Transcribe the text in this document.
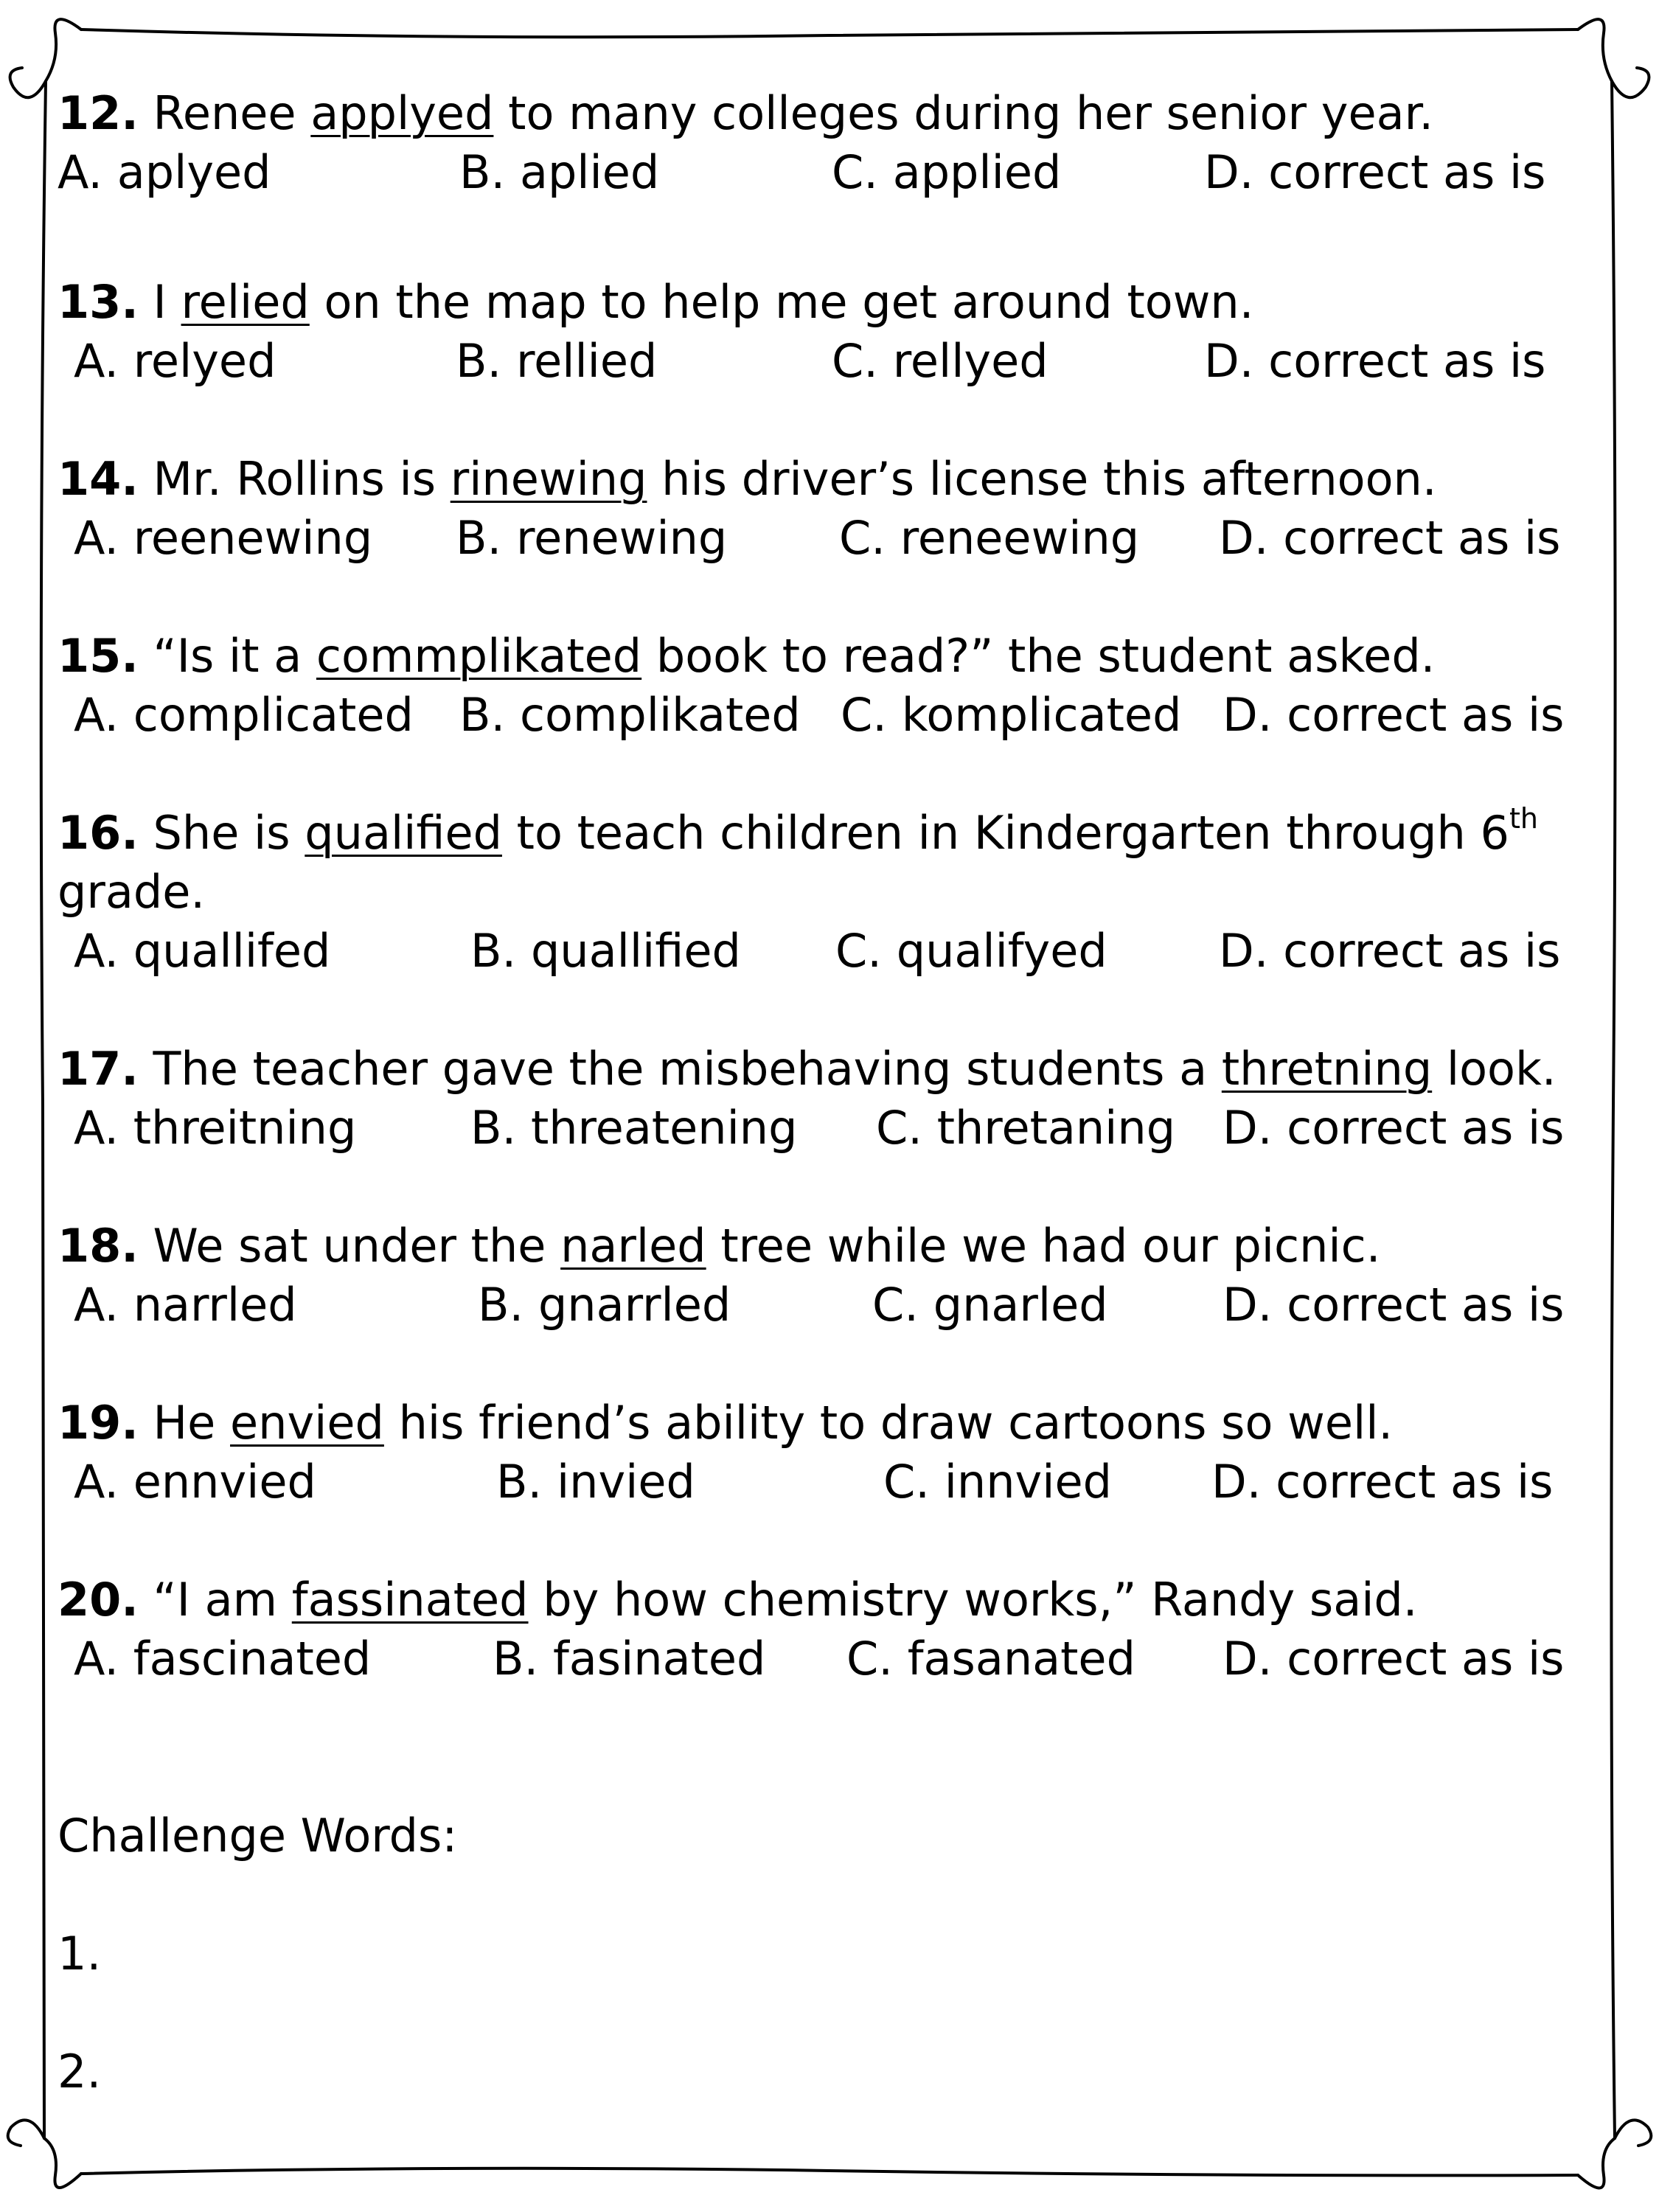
12. Renee applyed to many colleges during her senior year.
A. aplyed	B. aplied	C. applied	D. correct as is
13. I relied on the map to help me get around town.
A. relyed	B. rellied	C. rellyed	D. correct as is
14. Mr. Rollins is rinewing his driver’s license this afternoon.
A. reenewing B. renewing C. reneewing D. correct as is
15. “Is it a commplikated book to read?” the student asked.
A. complicated B. complikated C. komplicated D. correct as is
16. She is qualified to teach children in Kindergarten through 6th
grade.
A. quallifed	B. quallified C. qualifyed D. correct as is
17. The teacher gave the misbehaving students a thretning look.
A. threitning B. threatening C. thretaning D. correct as is
18. We sat under the narled tree while we had our picnic.
A. narrled	B. gnarrled	C. gnarled	D. correct as is
19. He envied his friend’s ability to draw cartoons so well.
A. ennvied	B. invied	C. innvied D. correct as is
20. “I am fassinated by how chemistry works,” Randy said.
A. fascinated	B. fasinated C. fasanated D. correct as is
Challenge Words:
1.
2.
